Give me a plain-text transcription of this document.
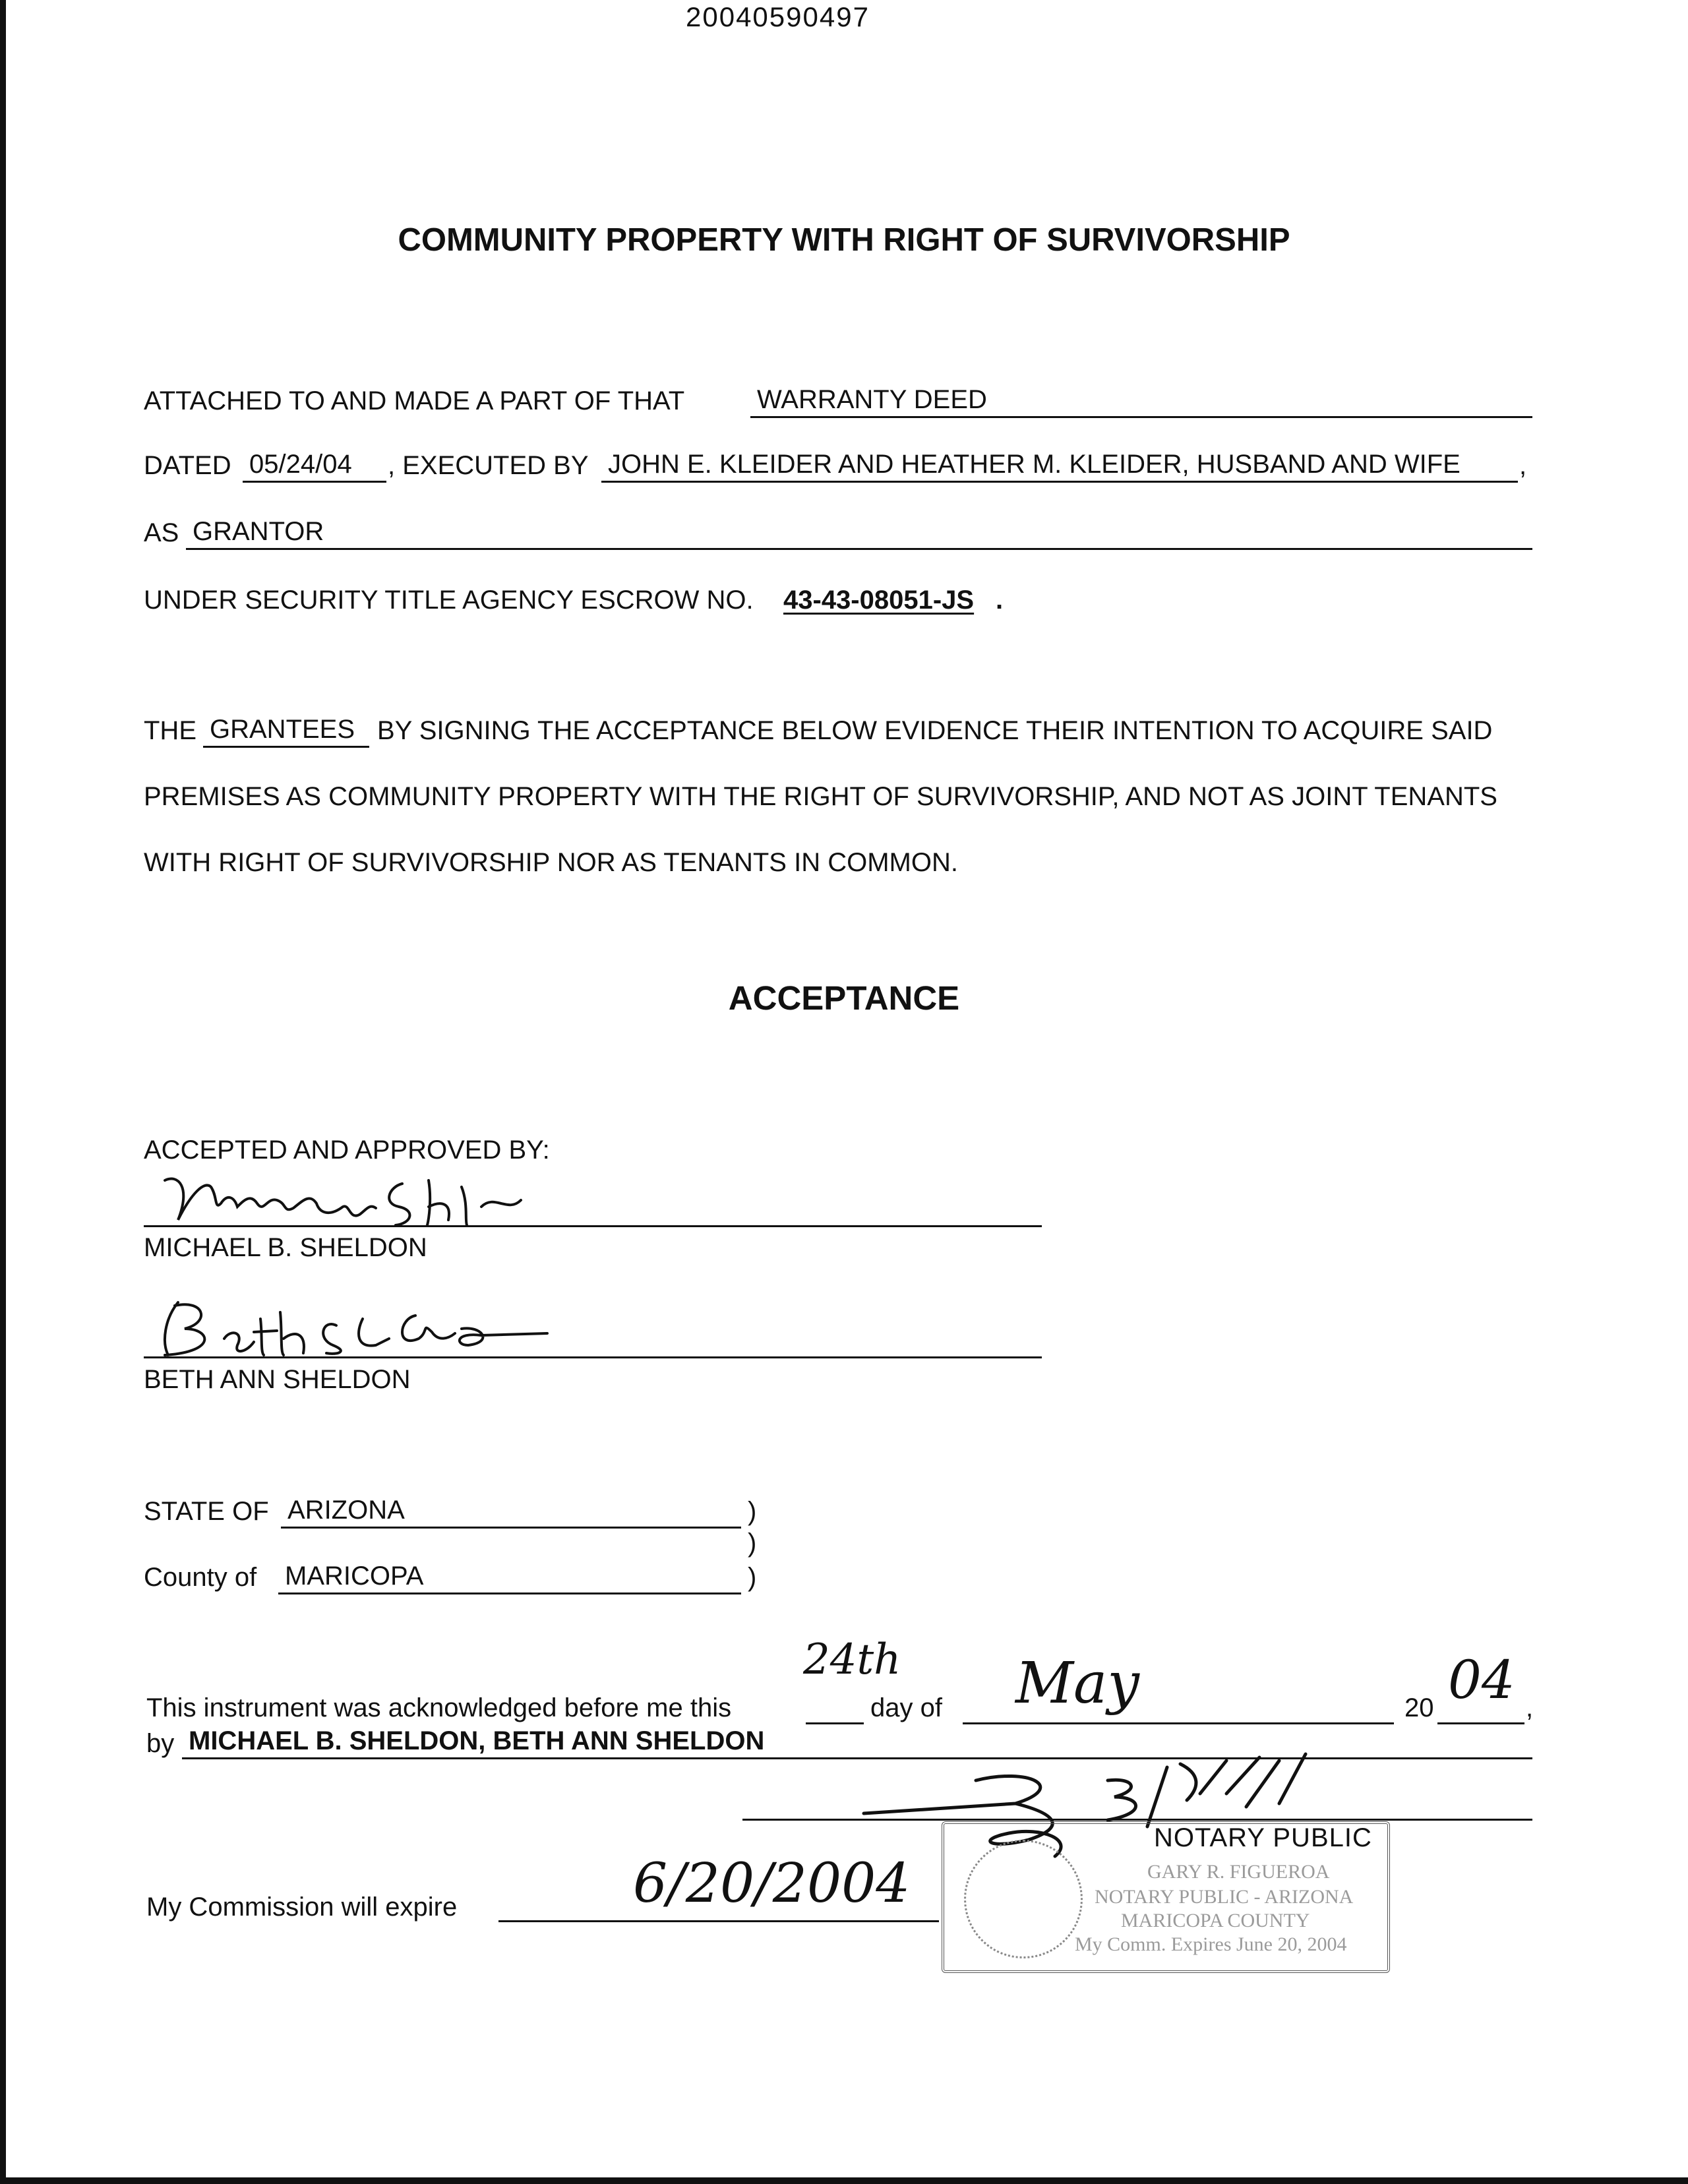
20040590497
COMMUNITY PROPERTY WITH RIGHT OF SURVIVORSHIP
ATTACHED TO AND MADE A PART OF THAT	WARRANTY DEED
DATED 05/24/04	, EXECUTED BY JOHN E. KLEIDER AND HEATHER M. KLEIDER, HUSBAND AND WIFE	,
AS GRANTOR
UNDER SECURITY TITLE AGENCY ESCROW NO. 43-43-08051-JS .
THE GRANTEES BY SIGNING THE ACCEPTANCE BELOW EVIDENCE THEIR INTENTION TO ACQUIRE SAID
PREMISES AS COMMUNITY PROPERTY WITH THE RIGHT OF SURVIVORSHIP, AND NOT AS JOINT TENANTS
WITH RIGHT OF SURVIVORSHIP NOR AS TENANTS IN COMMON.
ACCEPTANCE
ACCEPTED AND APPROVED BY:
MICHAEL B. SHELDON
BETH ANN SHELDON
STATE OF ARIZONA	)
)
County of MARICOPA	)
This instrument was acknowledged before me this
24th
day of May	20 04 ,
by MICHAEL B. SHELDON, BETH ANN SHELDON
NOTARY PUBLIC
GARY R. FIGUEROA
NOTARY PUBLIC - ARIZONA
MARICOPA COUNTY
My Comm. Expires June 20, 2004
My Commission will expire	6/20/2004
